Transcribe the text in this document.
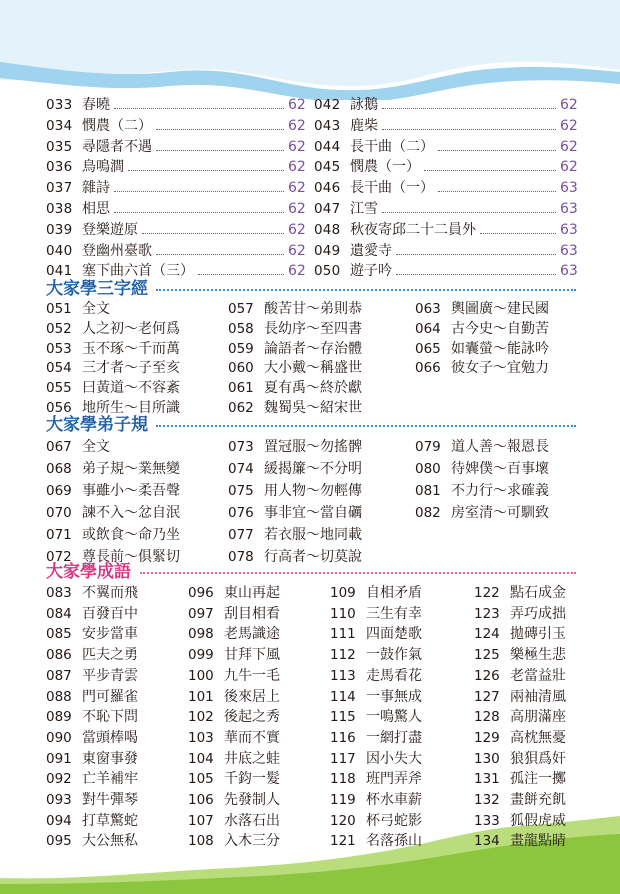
033 春曉	62
034 憫農（二）	62
035 尋隱者不遇	62
036 鳥鳴澗	62
037 雜詩	62
038 相思	62
039 登樂遊原	62
040 登幽州臺歌	62
041 塞下曲六首（三）	62
042 詠鵝	62
043 鹿柴	62
044 長干曲（二）	62
045 憫農（一）	62
046 長干曲（一）	63
047 江雪	63
048 秋夜寄邱二十二員外	63
049 遺愛寺	63
050 遊子吟	63
大家學三字經
051 全文
052 人之初～老何爲
053 玉不琢～千而萬
054 三才者～子至亥
055 曰黃道～不容紊
056 地所生～目所識
057 酸苦甘～弟則恭
058 長幼序～至四書
059 論語者～存治體
060 大小戴～稱盛世
061 夏有禹～終於獻
062 魏蜀吳～紹宋世
063 輿圖廣～建民國
064 古今史～自勤苦
065 如囊螢～能詠吟
066 彼女子～宜勉力
大家學弟子規
067 全文
068 弟子規～業無變
069 事雖小～柔吾聲
070 諫不入～忿自泯
071 或飲食～命乃坐
072 尊長前～俱緊切
073 置冠服～勿搖髀
074 緩揭簾～不分明
075 用人物～勿輕傳
076 事非宜～當自礪
077 若衣服～地同載
078 行高者～切莫說
079 道人善～報恩長
080 待婢僕～百事壞
081 不力行～求確義
082 房室清～可馴致
大家學成語
083 不翼而飛
084 百發百中
085 安步當車
086 匹夫之勇
087 平步青雲
088 門可羅雀
089 不恥下問
090 當頭棒喝
091 東窗事發
092 亡羊補牢
093 對牛彈琴
094 打草驚蛇
095 大公無私
096 東山再起
097 刮目相看
098 老馬識途
099 甘拜下風
100 九牛一毛
101 後來居上
102 後起之秀
103 華而不實
104 井底之蛙
105 千鈞一髮
106 先發制人
107 水落石出
108 入木三分
109 自相矛盾
110 三生有幸
111 四面楚歌
112 一鼓作氣
113 走馬看花
114 一事無成
115 一鳴驚人
116 一網打盡
117 因小失大
118 班門弄斧
119 杯水車薪
120 杯弓蛇影
121 名落孫山
122 點石成金
123 弄巧成拙
124 拋磚引玉
125 樂極生悲
126 老當益壯
127 兩袖清風
128 高朋滿座
129 高枕無憂
130 狼狽爲奸
131 孤注一擲
132 畫餅充飢
133 狐假虎威
134 畫龍點睛
